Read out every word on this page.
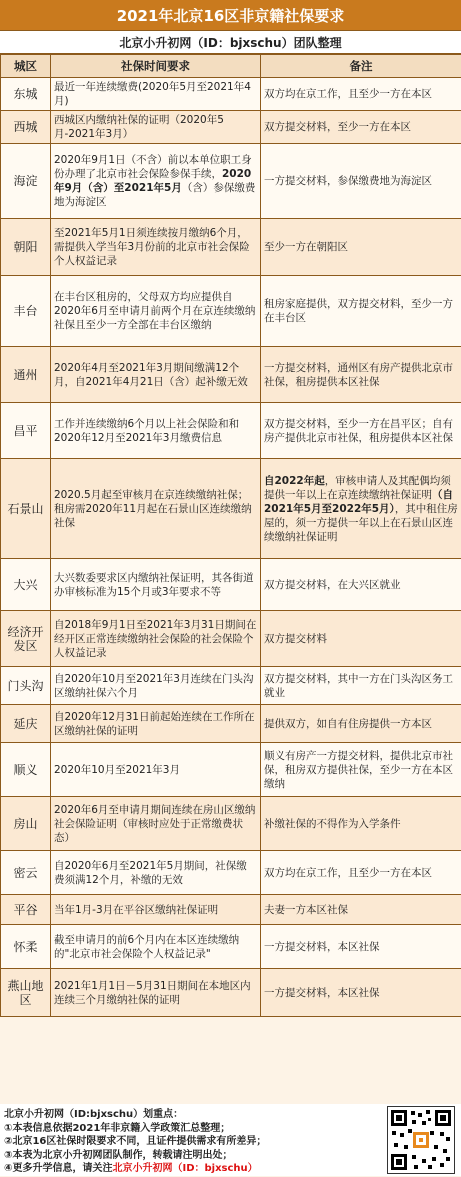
2021年北京16区非京籍社保要求
北京小升初网（ID：bjxschu）团队整理
城区	社保时间要求	备注
东城	最近一年连续缴费(2020年5月至2021年4月)	双方均在京工作，且至少一方在本区
西城	西城区内缴纳社保的证明（2020年5月-2021年3月）	双方提交材料，至少一方在本区
海淀	2020年9月1日（不含）前以本单位职工身份办理了北京市社会保险参保手续，2020年9月（含）至2021年5月（含）参保缴费地为海淀区	一方提交材料，参保缴费地为海淀区
朝阳	至2021年5月1日须连续按月缴纳6个月，需提供入学当年3月份前的北京市社会保险个人权益记录	至少一方在朝阳区
丰台	在丰台区租房的，父母双方均应提供自2020年6月至申请月前两个月在京连续缴纳社保且至少一方全部在丰台区缴纳	租房家庭提供，双方提交材料，至少一方在丰台区
通州	2020年4月至2021年3月期间缴满12个月，自2021年4月21日（含）起补缴无效	一方提交材料，通州区有房产提供北京市社保，租房提供本区社保
昌平	工作并连续缴纳6个月以上社会保险和和2020年12月至2021年3月缴费信息	双方提交材料，至少一方在昌平区；自有房产提供北京市社保，租房提供本区社保
石景山	2020.5月起至审核月在京连续缴纳社保；租房需2020年11月起在石景山区连续缴纳社保	自2022年起，审核申请人及其配偶均须提供一年以上在京连续缴纳社保证明（自2021年5月至2022年5月），其中租住房屋的，须一方提供一年以上在石景山区连续缴纳社保证明
大兴	大兴数委要求区内缴纳社保证明，其各街道办审核标准为15个月或3年要求不等	双方提交材料，在大兴区就业
经济开发区	自2018年9月1日至2021年3月31日期间在经开区正常连续缴纳社会保险的社会保险个人权益记录	双方提交材料
门头沟	自2020年10月至2021年3月连续在门头沟区缴纳社保六个月	双方提交材料，其中一方在门头沟区务工就业
延庆	自2020年12月31日前起始连续在工作所在区缴纳社保的证明	提供双方，如自有住房提供一方本区
顺义	2020年10月至2021年3月	顺义有房产一方提交材料，提供北京市社保，租房双方提供社保，至少一方在本区缴纳
房山	2020年6月至申请月期间连续在房山区缴纳社会保险证明（审核时应处于正常缴费状态）	补缴社保的不得作为入学条件
密云	自2020年6月至2021年5月期间，社保缴费须满12个月，补缴的无效	双方均在京工作，且至少一方在本区
平谷	当年1月-3月在平谷区缴纳社保证明	夫妻一方本区社保
怀柔	截至申请月的前6个月内在本区连续缴纳的"北京市社会保险个人权益记录"	一方提交材料，本区社保
燕山地区	2021年1月1日－5月31日期间在本地区内连续三个月缴纳社保的证明	一方提交材料，本区社保
北京小升初网（ID:bjxschu）划重点：
①本表信息依据2021年非京籍入学政策汇总整理；
②北京16区社保时限要求不同，且证件提供需求有所差异；
③本表为北京小升初网团队制作，转载请注明出处；
④更多升学信息，请关注北京小升初网（ID：bjxschu）
